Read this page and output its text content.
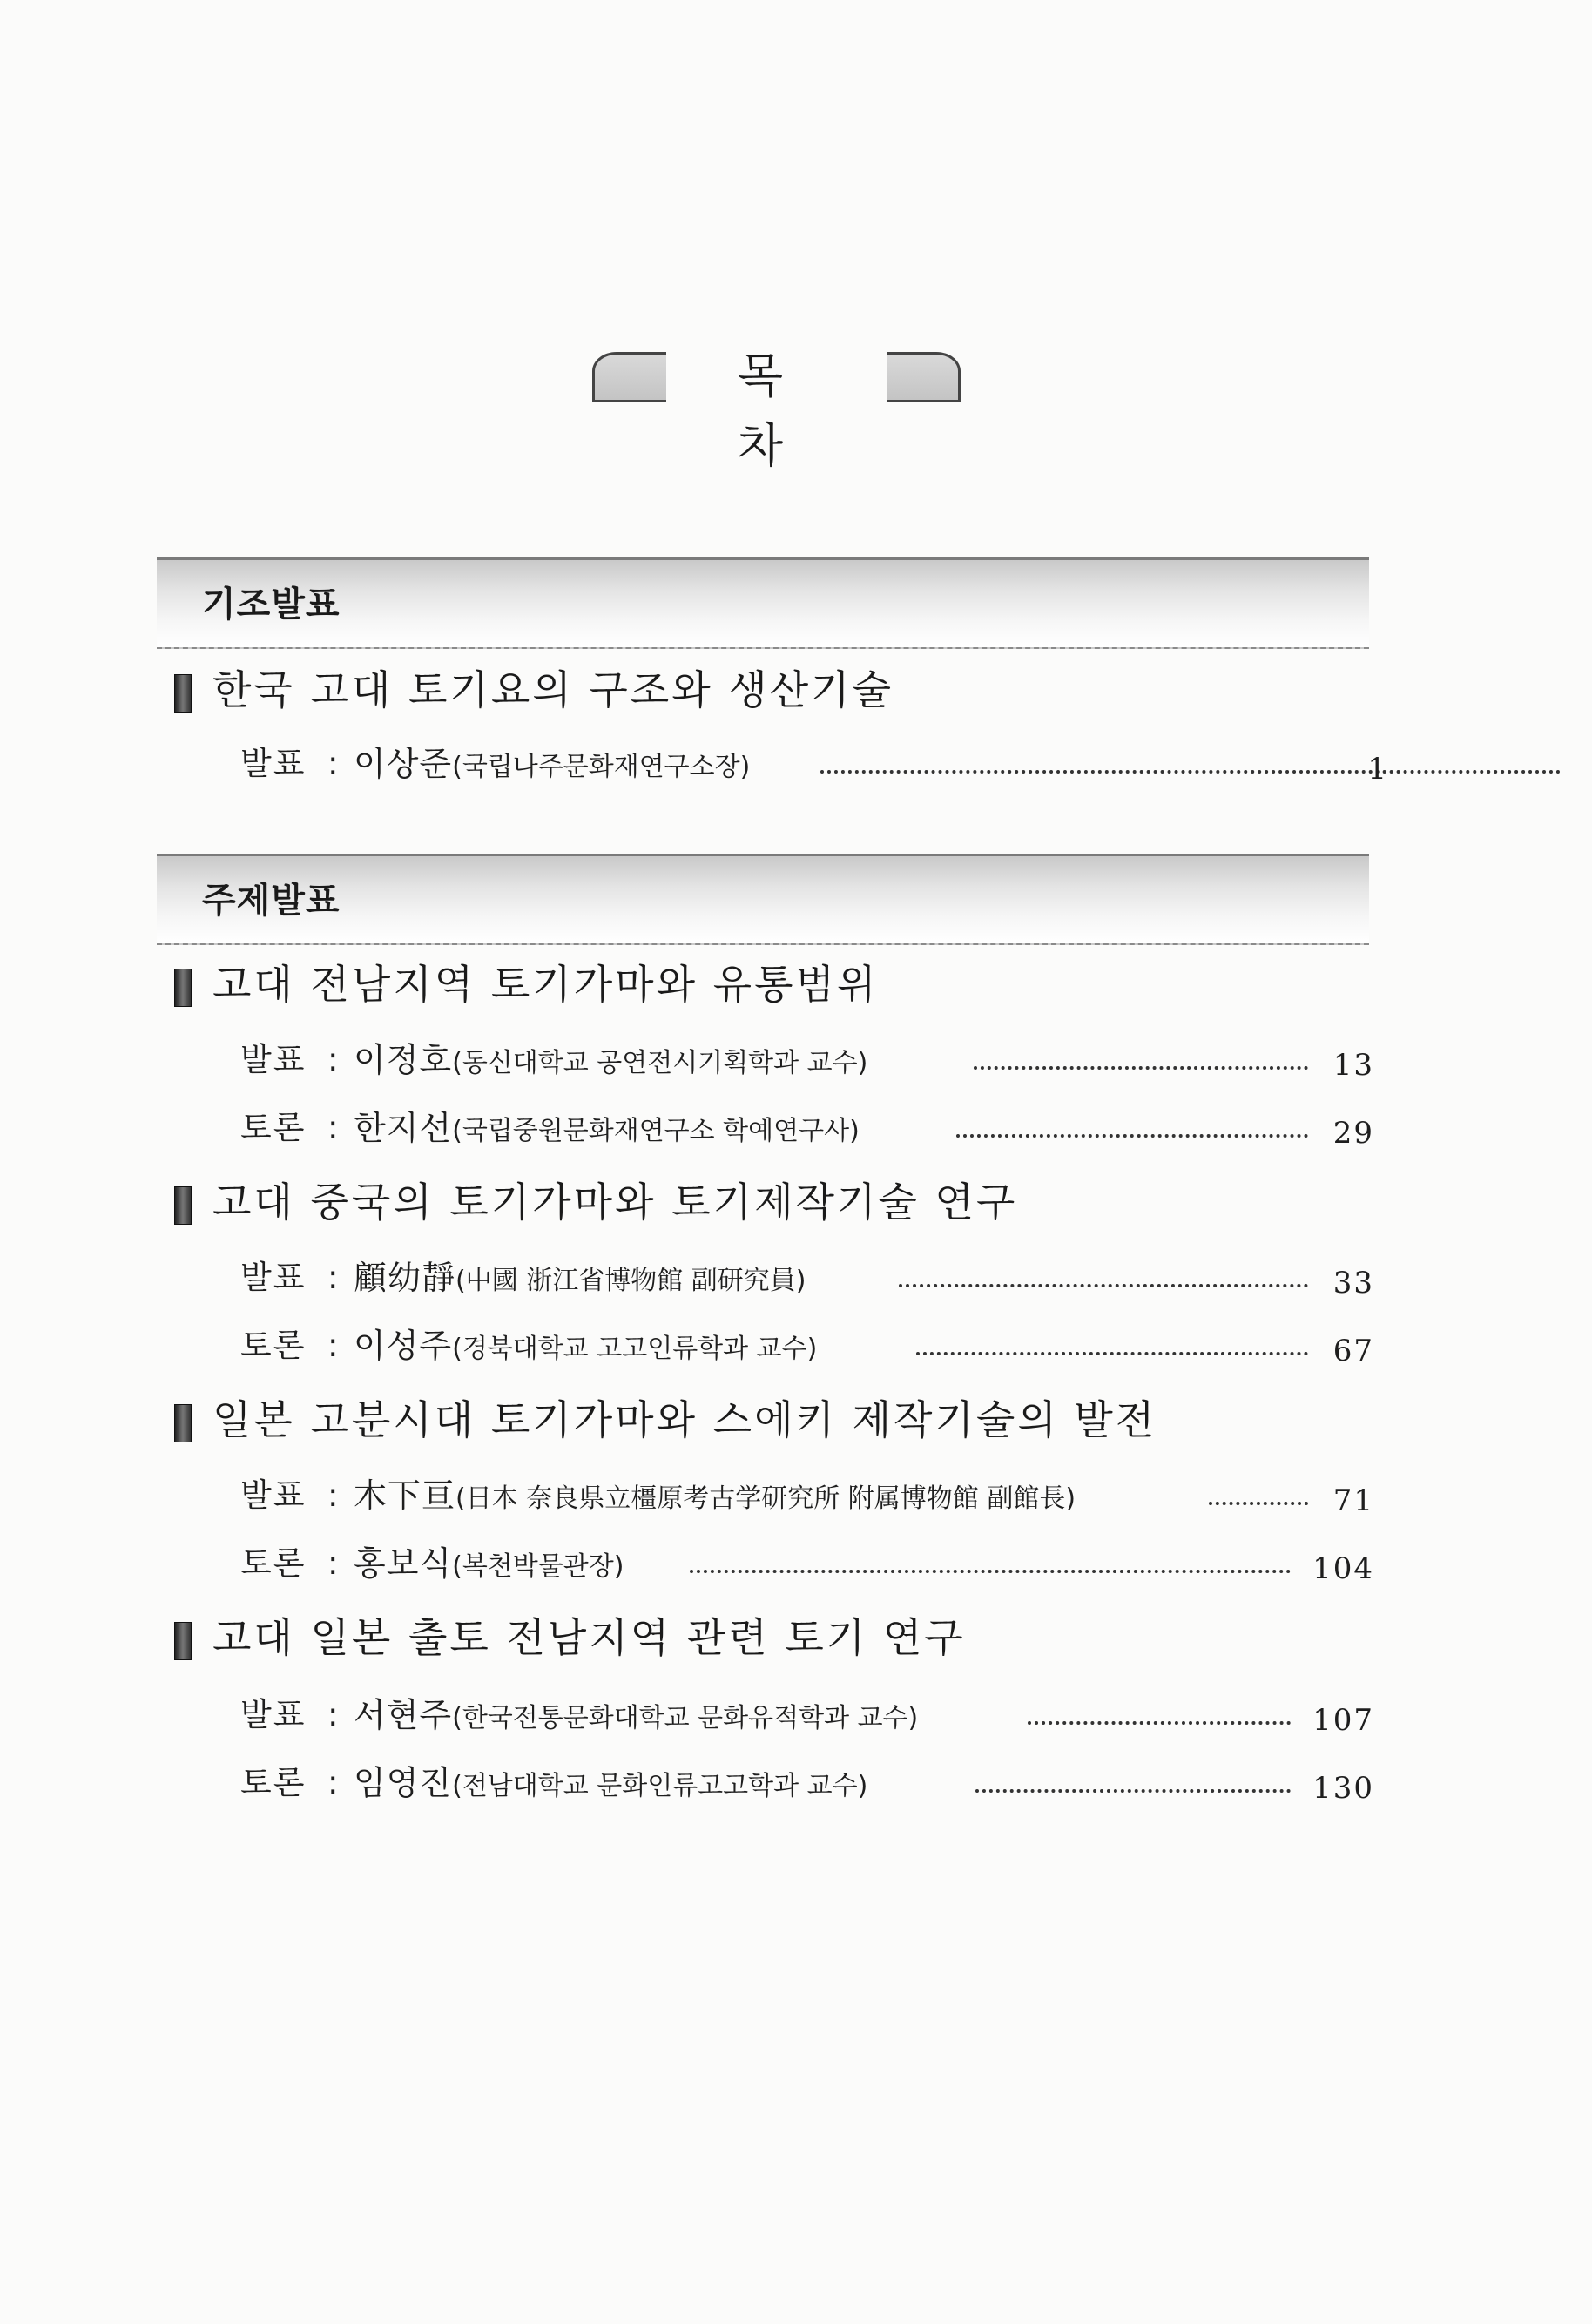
목 차
기조발표
한국 고대 토기요의 구조와 생산기술
발표 : 이상준(국립나주문화재연구소장)	1
주제발표
고대 전남지역 토기가마와 유통범위
발표 : 이정호(동신대학교 공연전시기획학과 교수)	13
토론 : 한지선(국립중원문화재연구소 학예연구사)	29
고대 중국의 토기가마와 토기제작기술 연구
발표 : 顧幼靜(中國 浙江省博物館 副研究員)	33
토론 : 이성주(경북대학교 고고인류학과 교수)	67
일본 고분시대 토기가마와 스에키 제작기술의 발전
발표 : 木下亘(日本 奈良県立橿原考古学研究所 附属博物館 副館長)	71
토론 : 홍보식(복천박물관장)	104
고대 일본 출토 전남지역 관련 토기 연구
발표 : 서현주(한국전통문화대학교 문화유적학과 교수)	107
토론 : 임영진(전남대학교 문화인류고고학과 교수)	130
